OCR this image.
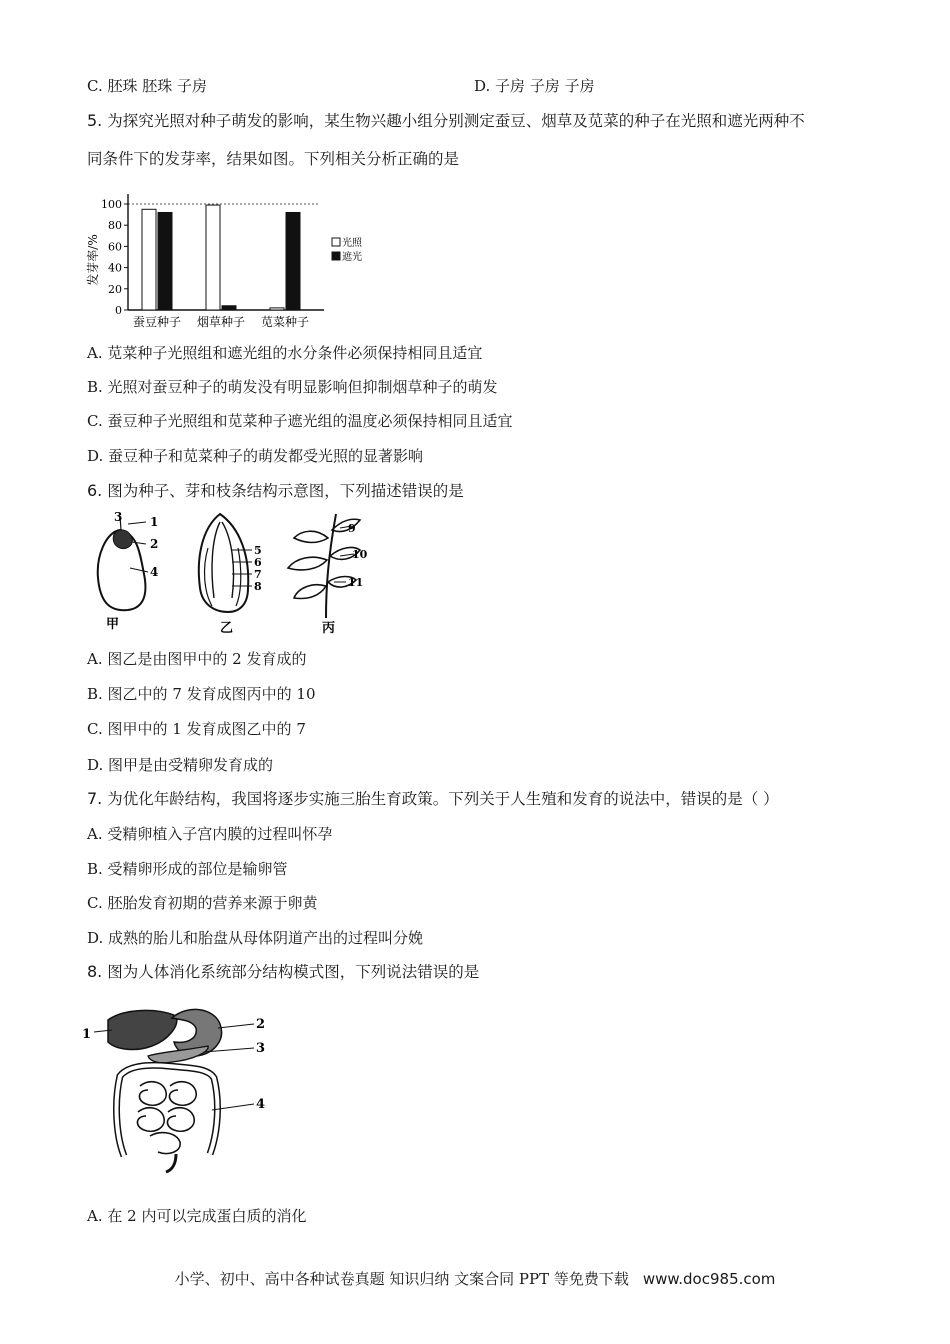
C. 胚珠 胚珠 子房	D. 子房 子房 子房
5. 为探究光照对种子萌发的影响，某生物兴趣小组分别测定蚕豆、烟草及苋菜的种子在光照和遮光两种不
同条件下的发芽率，结果如图。下列相关分析正确的是
发芽率/%
0
20
40
60
80
100
蚕豆种子 烟草种子 苋菜种子
光照
遮光
A. 苋菜种子光照组和遮光组的水分条件必须保持相同且适宜
B. 光照对蚕豆种子的萌发没有明显影响但抑制烟草种子的萌发
C. 蚕豆种子光照组和苋菜种子遮光组的温度必须保持相同且适宜
D. 蚕豆种子和苋菜种子的萌发都受光照的显著影响
6. 图为种子、芽和枝条结构示意图，下列描述错误的是
3 1
2
4
甲
5
6
7
8
乙
9
10
11
丙
A. 图乙是由图甲中的 2 发育成的
B. 图乙中的 7 发育成图丙中的 10
C. 图甲中的 1 发育成图乙中的 7
D. 图甲是由受精卵发育成的
7. 为优化年龄结构，我国将逐步实施三胎生育政策。下列关于人生殖和发育的说法中，错误的是（ ）
A. 受精卵植入子宫内膜的过程叫怀孕
B. 受精卵形成的部位是输卵管
C. 胚胎发育初期的营养来源于卵黄
D. 成熟的胎儿和胎盘从母体阴道产出的过程叫分娩
8. 图为人体消化系统部分结构模式图，下列说法错误的是
1
2
3
4
A. 在 2 内可以完成蛋白质的消化
小学、初中、高中各种试卷真题 知识归纳 文案合同 PPT 等免费下载 www.doc985.com
